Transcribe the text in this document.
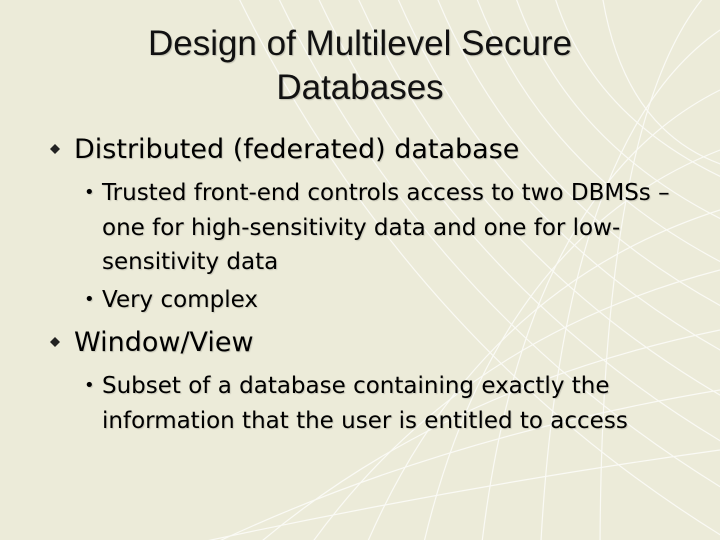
Design of Multilevel Secure
Databases
Distributed (federated) database
• Trusted front-end controls access to two DBMSs – one for high-sensitivity data and one for low-sensitivity data
• Very complex
Window/View
• Subset of a database containing exactly the information that the user is entitled to access
